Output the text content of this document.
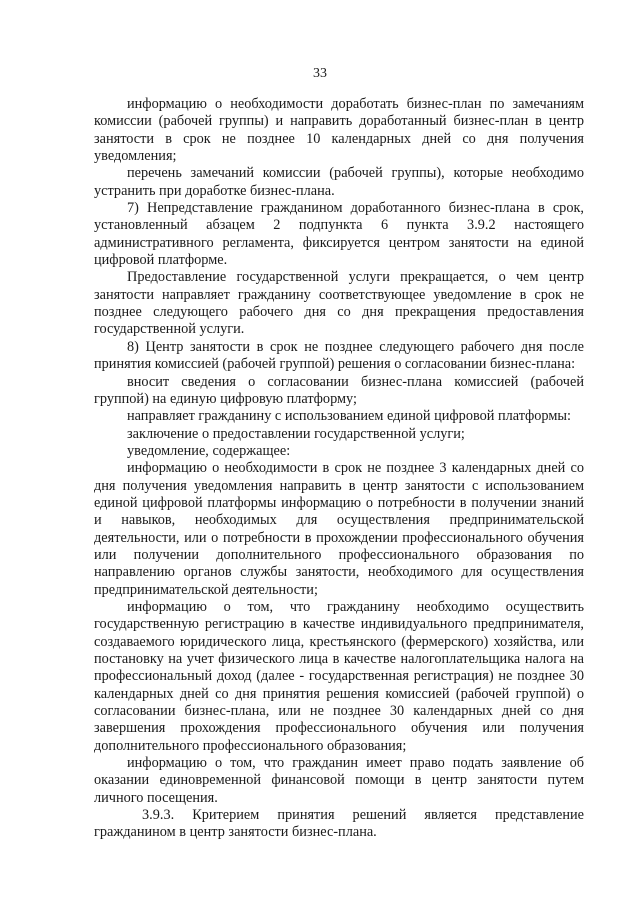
33

информацию о необходимости доработать бизнес-план по замечаниям комиссии (рабочей группы) и направить доработанный бизнес-план в центр занятости в срок не позднее 10 календарных дней со дня получения уведомления;

перечень замечаний комиссии (рабочей группы), которые необходимо устранить при доработке бизнес-плана.

7) Непредставление гражданином доработанного бизнес-плана в срок, установленный абзацем 2 подпункта 6 пункта 3.9.2 настоящего административного регламента, фиксируется центром занятости на единой цифровой платформе.

Предоставление государственной услуги прекращается, о чем центр занятости направляет гражданину соответствующее уведомление в срок не позднее следующего рабочего дня со дня прекращения предоставления государственной услуги.

8) Центр занятости в срок не позднее следующего рабочего дня после принятия комиссией (рабочей группой) решения о согласовании бизнес-плана:

вносит сведения о согласовании бизнес-плана комиссией (рабочей группой) на единую цифровую платформу;

направляет гражданину с использованием единой цифровой платформы:

заключение о предоставлении государственной услуги;

уведомление, содержащее:

информацию о необходимости в срок не позднее 3 календарных дней со дня получения уведомления направить в центр занятости с использованием единой цифровой платформы информацию о потребности в получении знаний и навыков, необходимых для осуществления предпринимательской деятельности, или о потребности в прохождении профессионального обучения или получении дополнительного профессионального образования по направлению органов службы занятости, необходимого для осуществления предпринимательской деятельности;

информацию о том, что гражданину необходимо осуществить государственную регистрацию в качестве индивидуального предпринимателя, создаваемого юридического лица, крестьянского (фермерского) хозяйства, или постановку на учет физического лица в качестве налогоплательщика налога на профессиональный доход (далее - государственная регистрация) не позднее 30 календарных дней со дня принятия решения комиссией (рабочей группой) о согласовании бизнес-плана, или не позднее 30 календарных дней со дня завершения прохождения профессионального обучения или получения дополнительного профессионального образования;

информацию о том, что гражданин имеет право подать заявление об оказании единовременной финансовой помощи в центр занятости путем личного посещения.

3.9.3. Критерием принятия решений является представление гражданином в центр занятости бизнес-плана.
